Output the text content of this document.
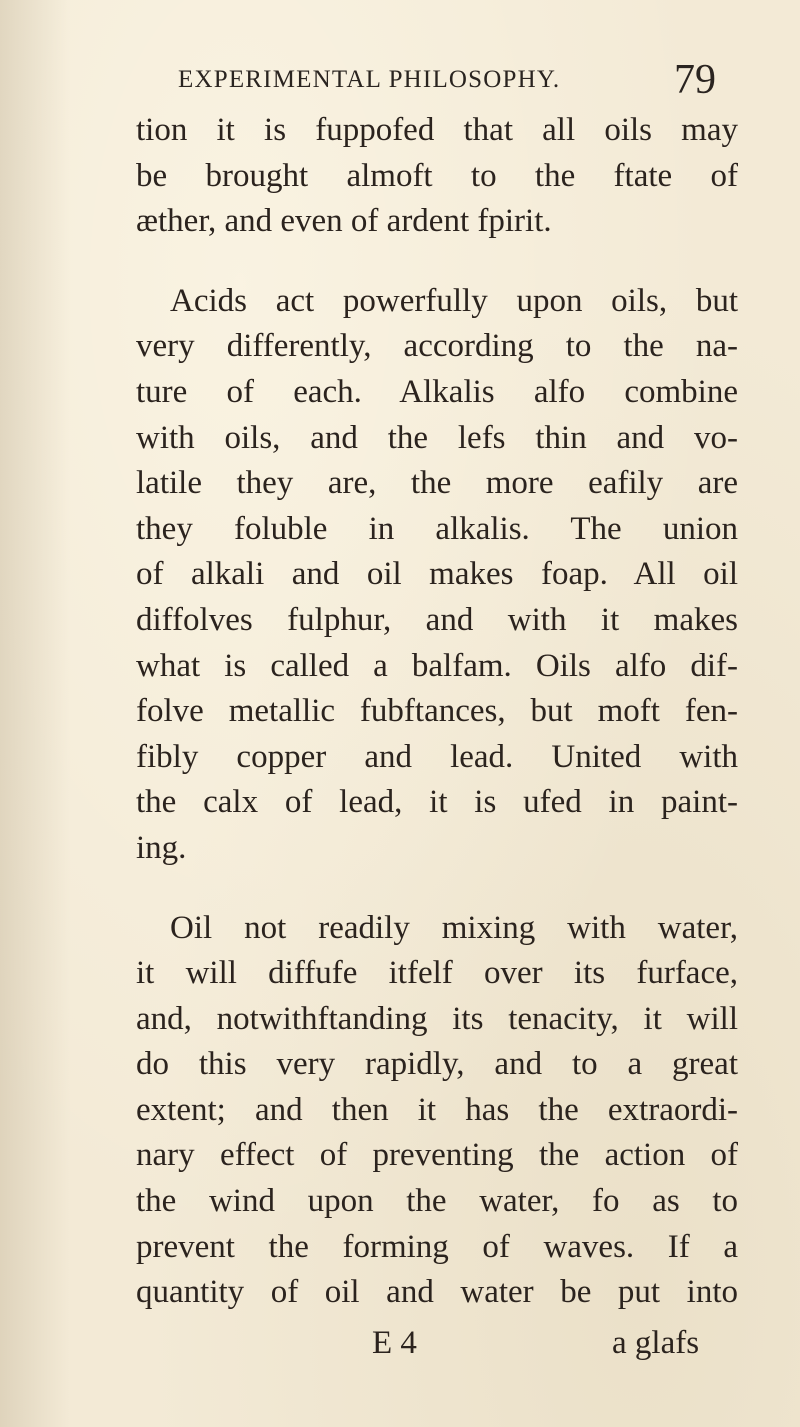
EXPERIMENTAL PHILOSOPHY.	79
tion it is fuppofed that all oils may
be brought almoft to the ftate of
æther, and even of ardent fpirit.
Acids act powerfully upon oils, but
very differently, according to the na-
ture of each. Alkalis alfo combine
with oils, and the lefs thin and vo-
latile they are, the more eafily are
they foluble in alkalis. The union
of alkali and oil makes foap. All oil
diffolves fulphur, and with it makes
what is called a balfam. Oils alfo dif-
folve metallic fubftances, but moft fen-
fibly copper and lead. United with
the calx of lead, it is ufed in paint-
ing.
Oil not readily mixing with water,
it will diffufe itfelf over its furface,
and, notwithftanding its tenacity, it will
do this very rapidly, and to a great
extent; and then it has the extraordi-
nary effect of preventing the action of
the wind upon the water, fo as to
prevent the forming of waves. If a
quantity of oil and water be put into
E 4	a glafs
